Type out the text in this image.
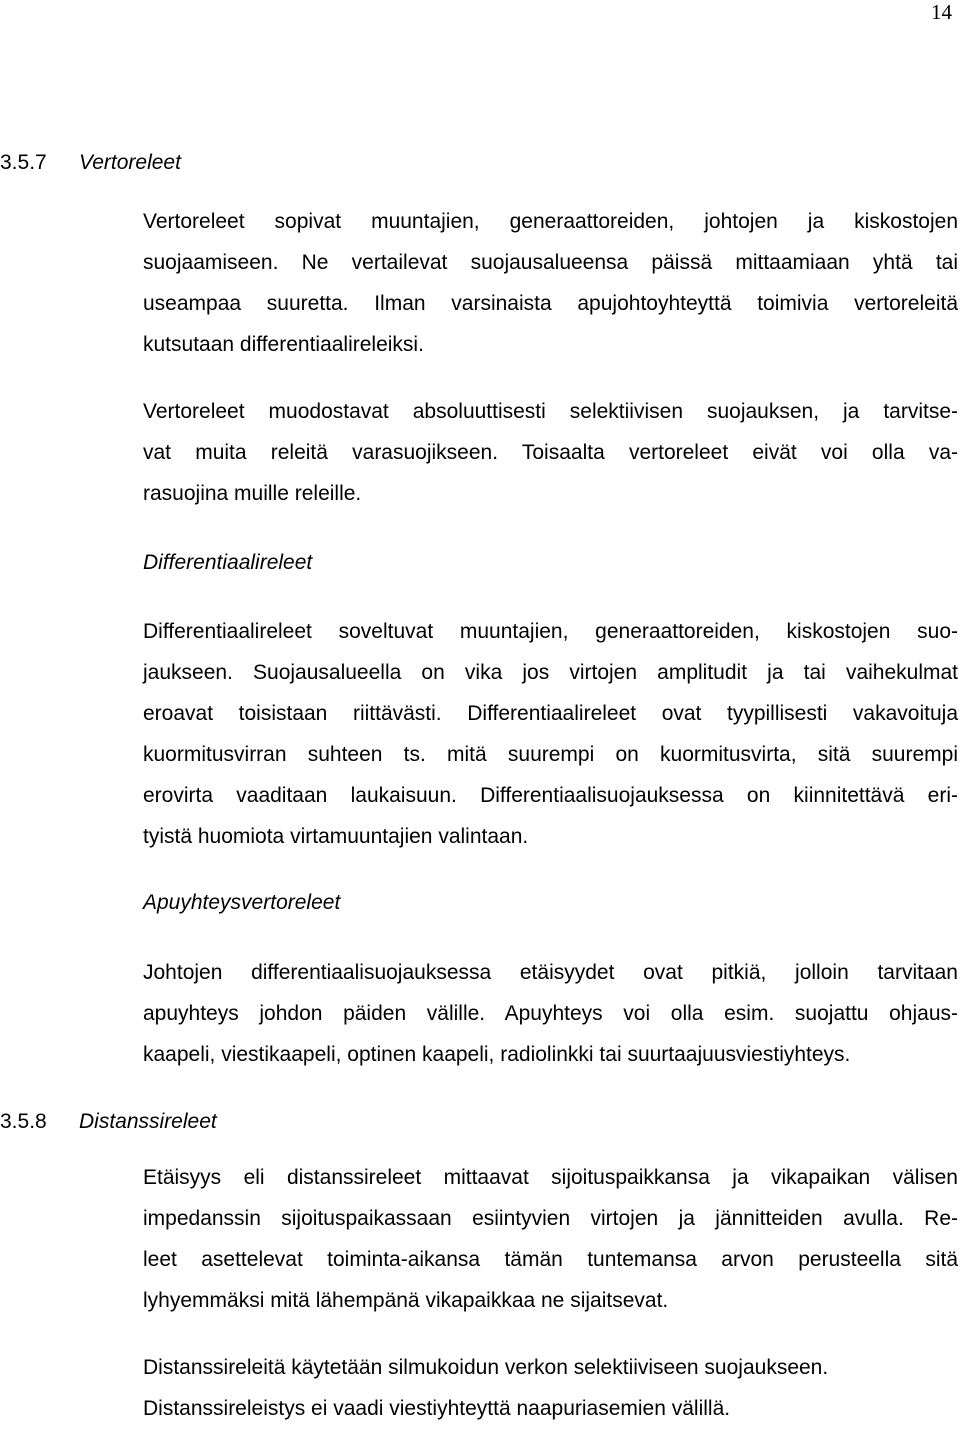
14
3.5.7 Vertoreleet
Vertoreleet sopivat muuntajien, generaattoreiden, johtojen ja kiskostojen
suojaamiseen. Ne vertailevat suojausalueensa päissä mittaamiaan yhtä tai
useampaa suuretta. Ilman varsinaista apujohtoyhteyttä toimivia vertoreleitä
kutsutaan differentiaalireleiksi.
Vertoreleet muodostavat absoluuttisesti selektiivisen suojauksen, ja tarvitse-
vat muita releitä varasuojikseen. Toisaalta vertoreleet eivät voi olla va-
rasuojina muille releille.
Differentiaalireleet
Differentiaalireleet soveltuvat muuntajien, generaattoreiden, kiskostojen suo-
jaukseen. Suojausalueella on vika jos virtojen amplitudit ja tai vaihekulmat
eroavat toisistaan riittävästi. Differentiaalireleet ovat tyypillisesti vakavoituja
kuormitusvirran suhteen ts. mitä suurempi on kuormitusvirta, sitä suurempi
erovirta vaaditaan laukaisuun. Differentiaalisuojauksessa on kiinnitettävä eri-
tyistä huomiota virtamuuntajien valintaan.
Apuyhteysvertoreleet
Johtojen differentiaalisuojauksessa etäisyydet ovat pitkiä, jolloin tarvitaan
apuyhteys johdon päiden välille. Apuyhteys voi olla esim. suojattu ohjaus-
kaapeli, viestikaapeli, optinen kaapeli, radiolinkki tai suurtaajuusviestiyhteys.
3.5.8 Distanssireleet
Etäisyys eli distanssireleet mittaavat sijoituspaikkansa ja vikapaikan välisen
impedanssin sijoituspaikassaan esiintyvien virtojen ja jännitteiden avulla. Re-
leet asettelevat toiminta-aikansa tämän tuntemansa arvon perusteella sitä
lyhyemmäksi mitä lähempänä vikapaikkaa ne sijaitsevat.
Distanssireleitä käytetään silmukoidun verkon selektiiviseen suojaukseen.
Distanssireleistys ei vaadi viestiyhteyttä naapuriasemien välillä.
